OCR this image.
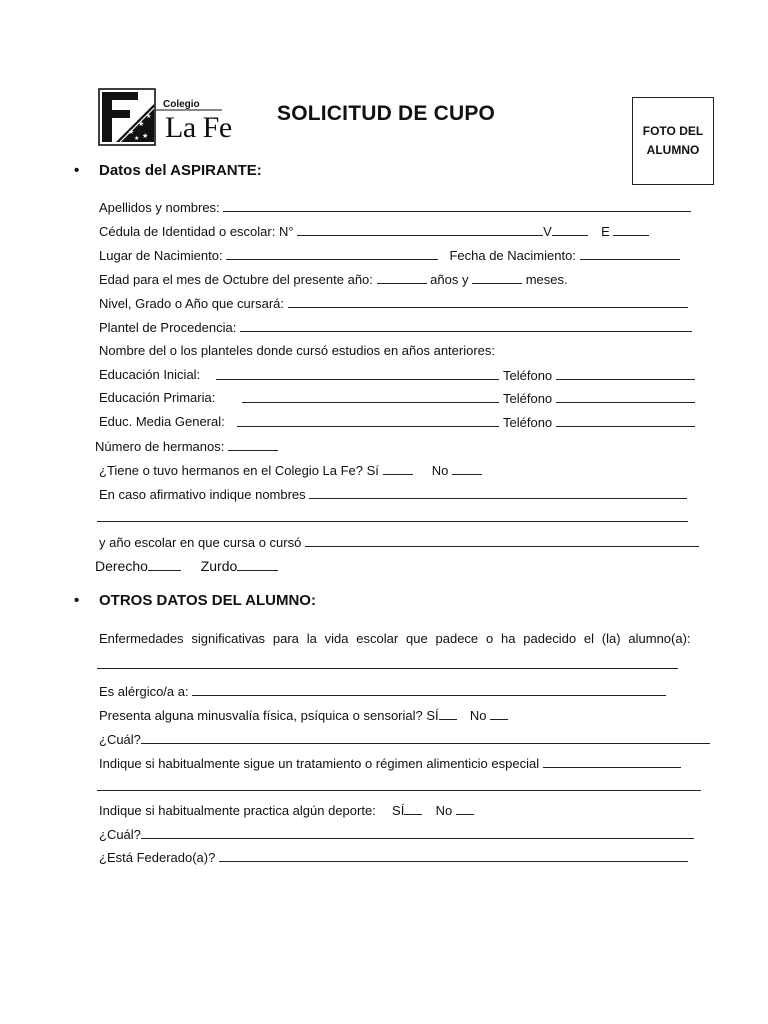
★
★
★
★
★
Colegio
La Fe SOLICITUD DE CUPO
FOTO DEL
ALUMNO
• Datos del ASPIRANTE:
Apellidos y nombres:
Cédula de Identidad o escolar: N°	V	E
Lugar de Nacimiento:	Fecha de Nacimiento:
Edad para el mes de Octubre del presente año:	años y	meses.
Nivel, Grado o Año que cursará:
Plantel de Procedencia:
Nombre del o los planteles donde cursó estudios en años anteriores:
Educación Inicial:	Teléfono
Educación Primaria:	Teléfono
Educ. Media General:	Teléfono
Número de hermanos:
¿Tiene o tuvo hermanos en el Colegio La Fe? Sí	No
En caso afirmativo indique nombres
y año escolar en que cursa o cursó
Derecho	Zurdo
• OTROS DATOS DEL ALUMNO:
Enfermedades significativas para la vida escolar que padece o ha padecido el (la) alumno(a):
Es alérgico/a a:
Presenta alguna minusvalía física, psíquica o sensorial? SÍ No
¿Cuál?
Indique si habitualmente sigue un tratamiento o régimen alimenticio especial
Indique si habitualmente practica algún deporte: SÍ No
¿Cuál?
¿Está Federado(a)?
